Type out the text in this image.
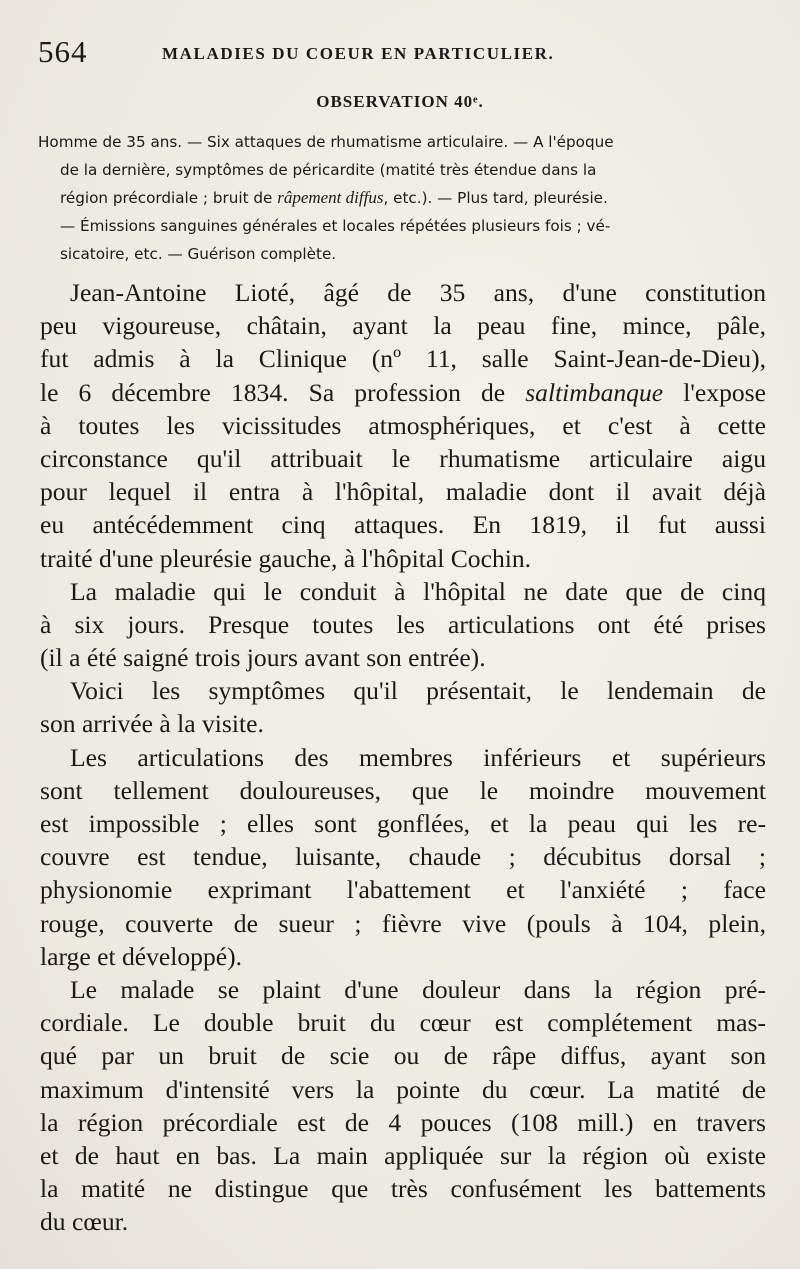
564	MALADIES DU COEUR EN PARTICULIER.
OBSERVATION 40ᵉ.
Homme de 35 ans. — Six attaques de rhumatisme articulaire. — A l'époque
de la dernière, symptômes de péricardite (matité très étendue dans la
région précordiale ; bruit de râpement diffus, etc.). — Plus tard, pleurésie.
— Émissions sanguines générales et locales répétées plusieurs fois ; vé-
sicatoire, etc. — Guérison complète.
Jean-Antoine Lioté, âgé de 35 ans, d'une constitution
peu vigoureuse, châtain, ayant la peau fine, mince, pâle,
fut admis à la Clinique (nº 11, salle Saint-Jean-de-Dieu),
le 6 décembre 1834. Sa profession de saltimbanque l'expose
à toutes les vicissitudes atmosphériques, et c'est à cette
circonstance qu'il attribuait le rhumatisme articulaire aigu
pour lequel il entra à l'hôpital, maladie dont il avait déjà
eu antécédemment cinq attaques. En 1819, il fut aussi
traité d'une pleurésie gauche, à l'hôpital Cochin.
La maladie qui le conduit à l'hôpital ne date que de cinq
à six jours. Presque toutes les articulations ont été prises
(il a été saigné trois jours avant son entrée).
Voici les symptômes qu'il présentait, le lendemain de
son arrivée à la visite.
Les articulations des membres inférieurs et supérieurs
sont tellement douloureuses, que le moindre mouvement
est impossible ; elles sont gonflées, et la peau qui les re-
couvre est tendue, luisante, chaude ; décubitus dorsal ;
physionomie exprimant l'abattement et l'anxiété ; face
rouge, couverte de sueur ; fièvre vive (pouls à 104, plein,
large et développé).
Le malade se plaint d'une douleur dans la région pré-
cordiale. Le double bruit du cœur est complétement mas-
qué par un bruit de scie ou de râpe diffus, ayant son
maximum d'intensité vers la pointe du cœur. La matité de
la région précordiale est de 4 pouces (108 mill.) en travers
et de haut en bas. La main appliquée sur la région où existe
la matité ne distingue que très confusément les battements
du cœur.
